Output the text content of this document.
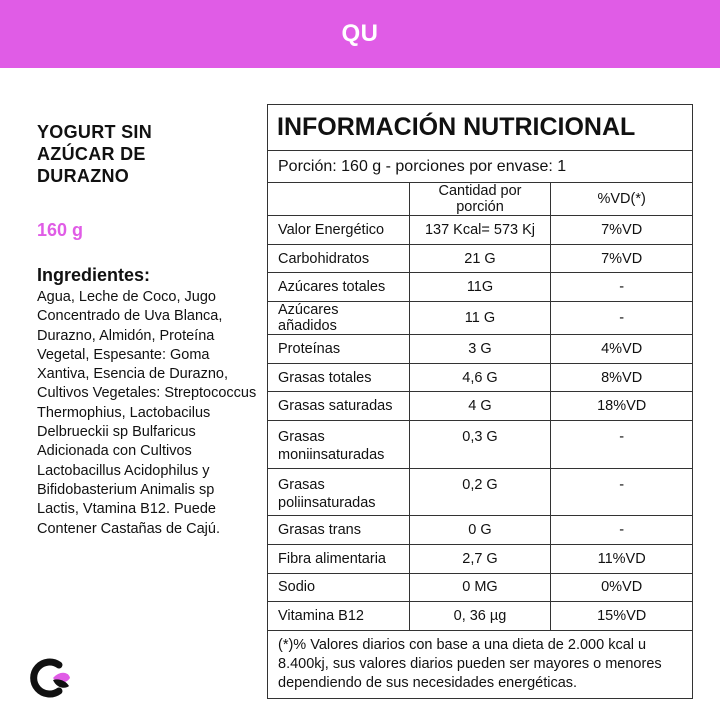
QU
YOGURT SIN AZÚCAR DE DURAZNO
160 g
Ingredientes:
Agua, Leche de Coco, Jugo Concentrado de Uva Blanca, Durazno, Almidón, Proteína Vegetal, Espesante: Goma Xantiva, Esencia de Durazno, Cultivos Vegetales: Streptococcus Thermophius, Lactobacilus Delbrueckii sp Bulfaricus Adicionada con Cultivos Lactobacillus Acidophilus y Bifidobasterium Animalis sp Lactis, Vtamina B12. Puede Contener Castañas de Cajú.
INFORMACIÓN NUTRICIONAL		
Porción: 160 g - porciones por envase: 1		
	Cantidad por porción	%VD(*)
Valor Energético	137 Kcal= 573 Kj	7%VD
Carbohidratos	21 G	7%VD
Azúcares totales	11G	-
Azúcares añadidos	11 G	-
Proteínas	3 G	4%VD
Grasas totales	4,6 G	8%VD
Grasas saturadas	4 G	18%VD
Grasas moniinsaturadas	0,3 G	-
Grasas poliinsaturadas	0,2 G	-
Grasas trans	0 G	-
Fibra alimentaria	2,7 G	11%VD
Sodio	0 MG	0%VD
Vitamina B12	0, 36 µg	15%VD
(*)% Valores diarios con base a una dieta de 2.000 kcal u 8.400kj, sus valores diarios pueden ser mayores o menores dependiendo de sus necesidades energéticas.		
